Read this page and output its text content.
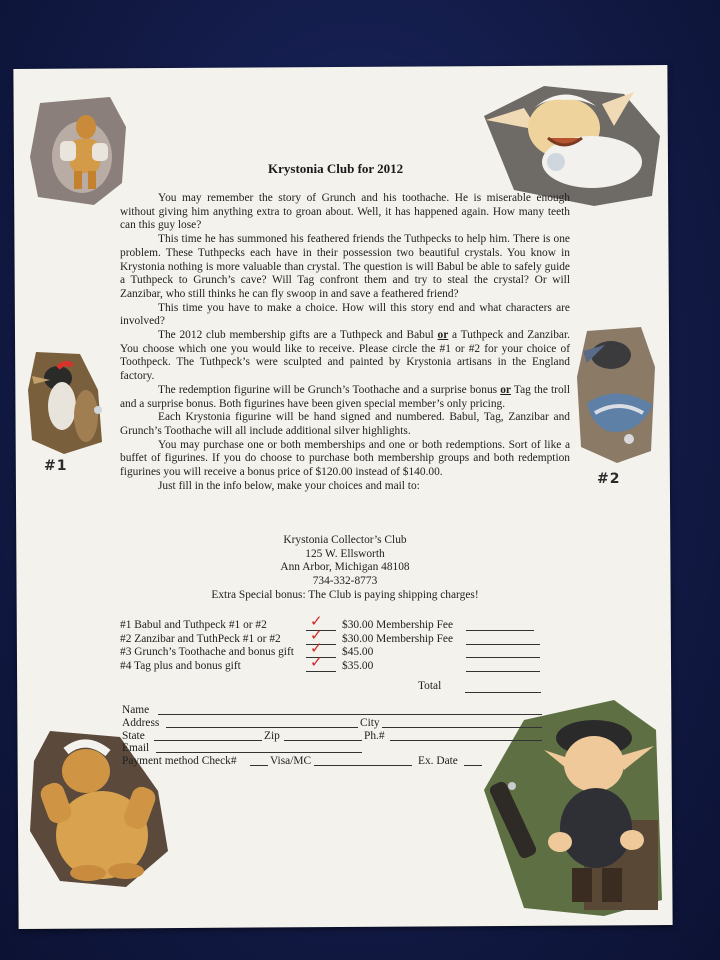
#1
#2
Krystonia Club for 2012

You may remember the story of Grunch and his toothache. He is miserable enough without giving him anything extra to groan about. Well, it has happened again. How many teeth can this guy lose?

This time he has summoned his feathered friends the Tuthpecks to help him. There is one problem. These Tuthpecks each have in their possession two beautiful crystals. You know in Krystonia nothing is more valuable than crystal. The question is will Babul be able to safely guide a Tuthpeck to Grunch’s cave? Will Tag confront them and try to steal the crystal? Or will Zanzibar, who still thinks he can fly swoop in and save a feathered friend?

This time you have to make a choice. How will this story end and what characters are involved?

The 2012 club membership gifts are a Tuthpeck and Babul or a Tuthpeck and Zanzibar. You choose which one you would like to receive. Please circle the #1 or #2 for your choice of Toothpeck. The Tuthpeck’s were sculpted and painted by Krystonia artisans in the England factory.

The redemption figurine will be Grunch’s Toothache and a surprise bonus or Tag the troll and a surprise bonus. Both figurines have been given special member’s only pricing.

Each Krystonia figurine will be hand signed and numbered. Babul, Tag, Zanzibar and Grunch’s Toothache will all include additional silver highlights.

You may purchase one or both memberships and one or both redemptions. Sort of like a buffet of figurines. If you do choose to purchase both membership groups and both redemption figurines you will receive a bonus price of $120.00 instead of $140.00.

Just fill in the info below, make your choices and mail to:

Krystonia Collector’s Club
125 W. Ellsworth
Ann Arbor, Michigan 48108
734-332-8773
Extra Special bonus: The Club is paying shipping charges!
#1 Babul and Tuthpeck #1 or #2	✓ $30.00 Membership Fee
#2 Zanzibar and TuthPeck #1 or #2 ✓ $30.00 Membership Fee
#3 Grunch’s Toothache and bonus gift ✓ $45.00
#4 Tag plus and bonus gift	✓ $35.00
Total
Name
Address	City
State	Zip	Ph.#
Email
Payment method Check#	Visa/MC	Ex. Date
